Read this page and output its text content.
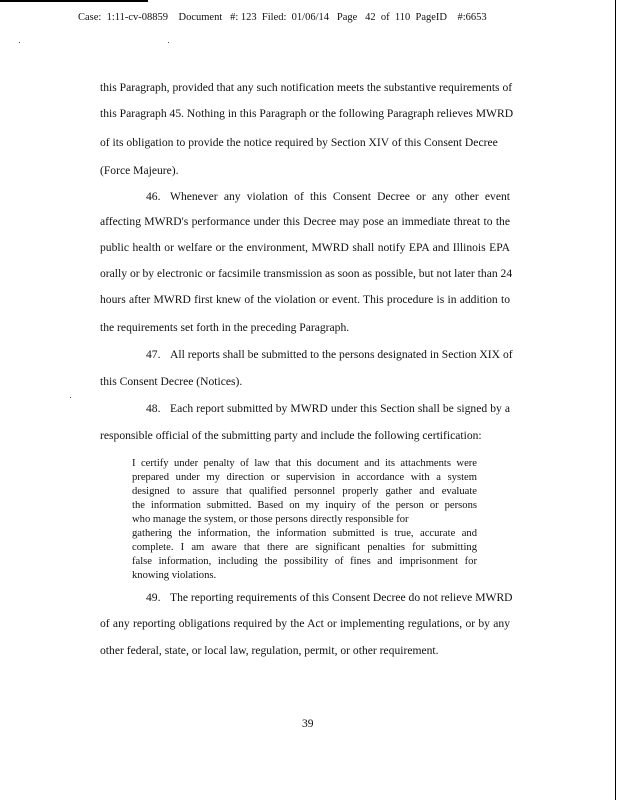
Case:  1:11-cv-08859    Document   #: 123  Filed:  01/06/14   Page   42  of  110  PageID    #:6653
this Paragraph, provided that any such notification meets the substantive requirements of
this Paragraph 45. Nothing in this Paragraph or the following Paragraph relieves MWRD
of its obligation to provide the notice required by Section XIV of this Consent Decree
(Force Majeure).
46. Whenever any violation of this Consent Decree or any other event
affecting MWRD's performance under this Decree may pose an immediate threat to the
public health or welfare or the environment, MWRD shall notify EPA and Illinois EPA
orally or by electronic or facsimile transmission as soon as possible, but not later than 24
hours after MWRD first knew of the violation or event. This procedure is in addition to
the requirements set forth in the preceding Paragraph.
47. All reports shall be submitted to the persons designated in Section XIX of
this Consent Decree (Notices).
48. Each report submitted by MWRD under this Section shall be signed by a
responsible official of the submitting party and include the following certification:
I certify under penalty of law that this document and its attachments were
prepared under my direction or supervision in accordance with a system
designed to assure that qualified personnel properly gather and evaluate
the information submitted. Based on my inquiry of the person or persons
who manage the system, or those persons directly responsible for
gathering the information, the information submitted is true, accurate and
complete. I am aware that there are significant penalties for submitting
false information, including the possibility of fines and imprisonment for
knowing violations.
49. The reporting requirements of this Consent Decree do not relieve MWRD
of any reporting obligations required by the Act or implementing regulations, or by any
other federal, state, or local law, regulation, permit, or other requirement.
39
